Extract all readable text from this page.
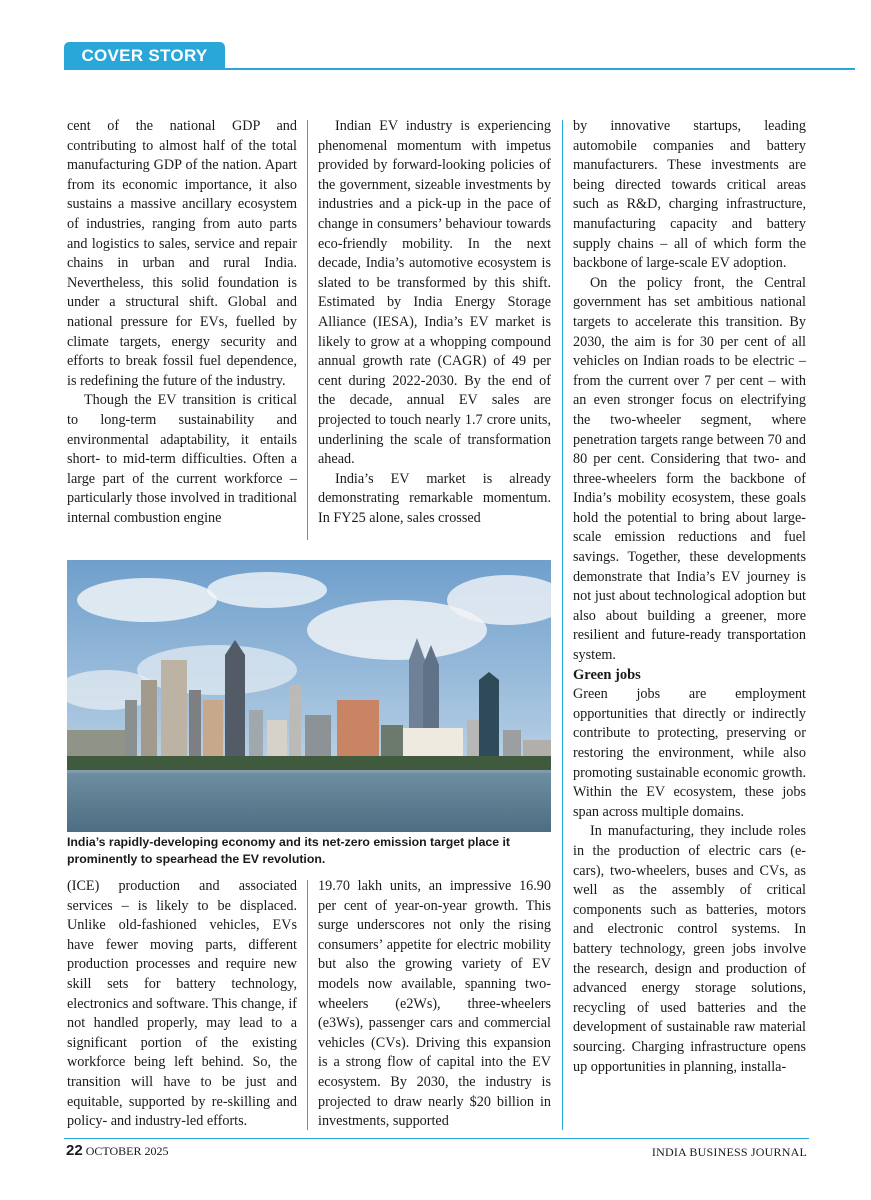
COVER STORY

cent of the national GDP and contributing to almost half of the total manufacturing GDP of the nation. Apart from its economic importance, it also sustains a massive ancillary ecosystem of industries, ranging from auto parts and logistics to sales, service and repair chains in urban and rural India. Nevertheless, this solid foundation is under a structural shift. Global and national pressure for EVs, fuelled by climate targets, energy security and efforts to break fossil fuel dependence, is redefining the future of the industry.

Though the EV transition is critical to long-term sustainability and environmental adaptability, it entails short- to mid-term difficulties. Often a large part of the current workforce – particularly those involved in traditional internal combustion engine

Indian EV industry is experiencing phenomenal momentum with impetus provided by forward-looking policies of the government, sizeable investments by industries and a pick-up in the pace of change in consumers’ behaviour towards eco-friendly mobility. In the next decade, India’s automotive ecosystem is slated to be transformed by this shift. Estimated by India Energy Storage Alliance (IESA), India’s EV market is likely to grow at a whopping compound annual growth rate (CAGR) of 49 per cent during 2022-2030. By the end of the decade, annual EV sales are projected to touch nearly 1.7 crore units, underlining the scale of transformation ahead.

India’s EV market is already demonstrating remarkable momentum. In FY25 alone, sales crossed

by innovative startups, leading automobile companies and battery manufacturers. These investments are being directed towards critical areas such as R&D, charging infrastructure, manufacturing capacity and battery supply chains – all of which form the backbone of large-scale EV adoption.

On the policy front, the Central government has set ambitious national targets to accelerate this transition. By 2030, the aim is for 30 per cent of all vehicles on Indian roads to be electric – from the current over 7 per cent – with an even stronger focus on electrifying the two-wheeler segment, where penetration targets range between 70 and 80 per cent. Considering that two- and three-wheelers form the backbone of India’s mobility ecosystem, these goals hold the potential to bring about large-scale emission reductions and fuel savings. Together, these developments demonstrate that India’s EV journey is not just about technological adoption but also about building a greener, more resilient and future-ready transportation system.

Green jobs

Green jobs are employment opportunities that directly or indirectly contribute to protecting, preserving or restoring the environment, while also promoting sustainable economic growth. Within the EV ecosystem, these jobs span across multiple domains.

In manufacturing, they include roles in the production of electric cars (e-cars), two-wheelers, buses and CVs, as well as the assembly of critical components such as batteries, motors and electronic control systems. In battery technology, green jobs involve the research, design and production of advanced energy storage solutions, recycling of used batteries and the development of sustainable raw material sourcing. Charging infrastructure opens up opportunities in planning, installa-

India’s rapidly-developing economy and its net-zero emission target place it prominently to spearhead the EV revolution.

(ICE) production and associated services – is likely to be displaced. Unlike old-fashioned vehicles, EVs have fewer moving parts, different production processes and require new skill sets for battery technology, electronics and software. This change, if not handled properly, may lead to a significant portion of the existing workforce being left behind. So, the transition will have to be just and equitable, supported by re-skilling and policy- and industry-led efforts.

19.70 lakh units, an impressive 16.90 per cent of year-on-year growth. This surge underscores not only the rising consumers’ appetite for electric mobility but also the growing variety of EV models now available, spanning two-wheelers (e2Ws), three-wheelers (e3Ws), passenger cars and commercial vehicles (CVs). Driving this expansion is a strong flow of capital into the EV ecosystem. By 2030, the industry is projected to draw nearly $20 billion in investments, supported

22 OCTOBER 2025	INDIA BUSINESS JOURNAL
